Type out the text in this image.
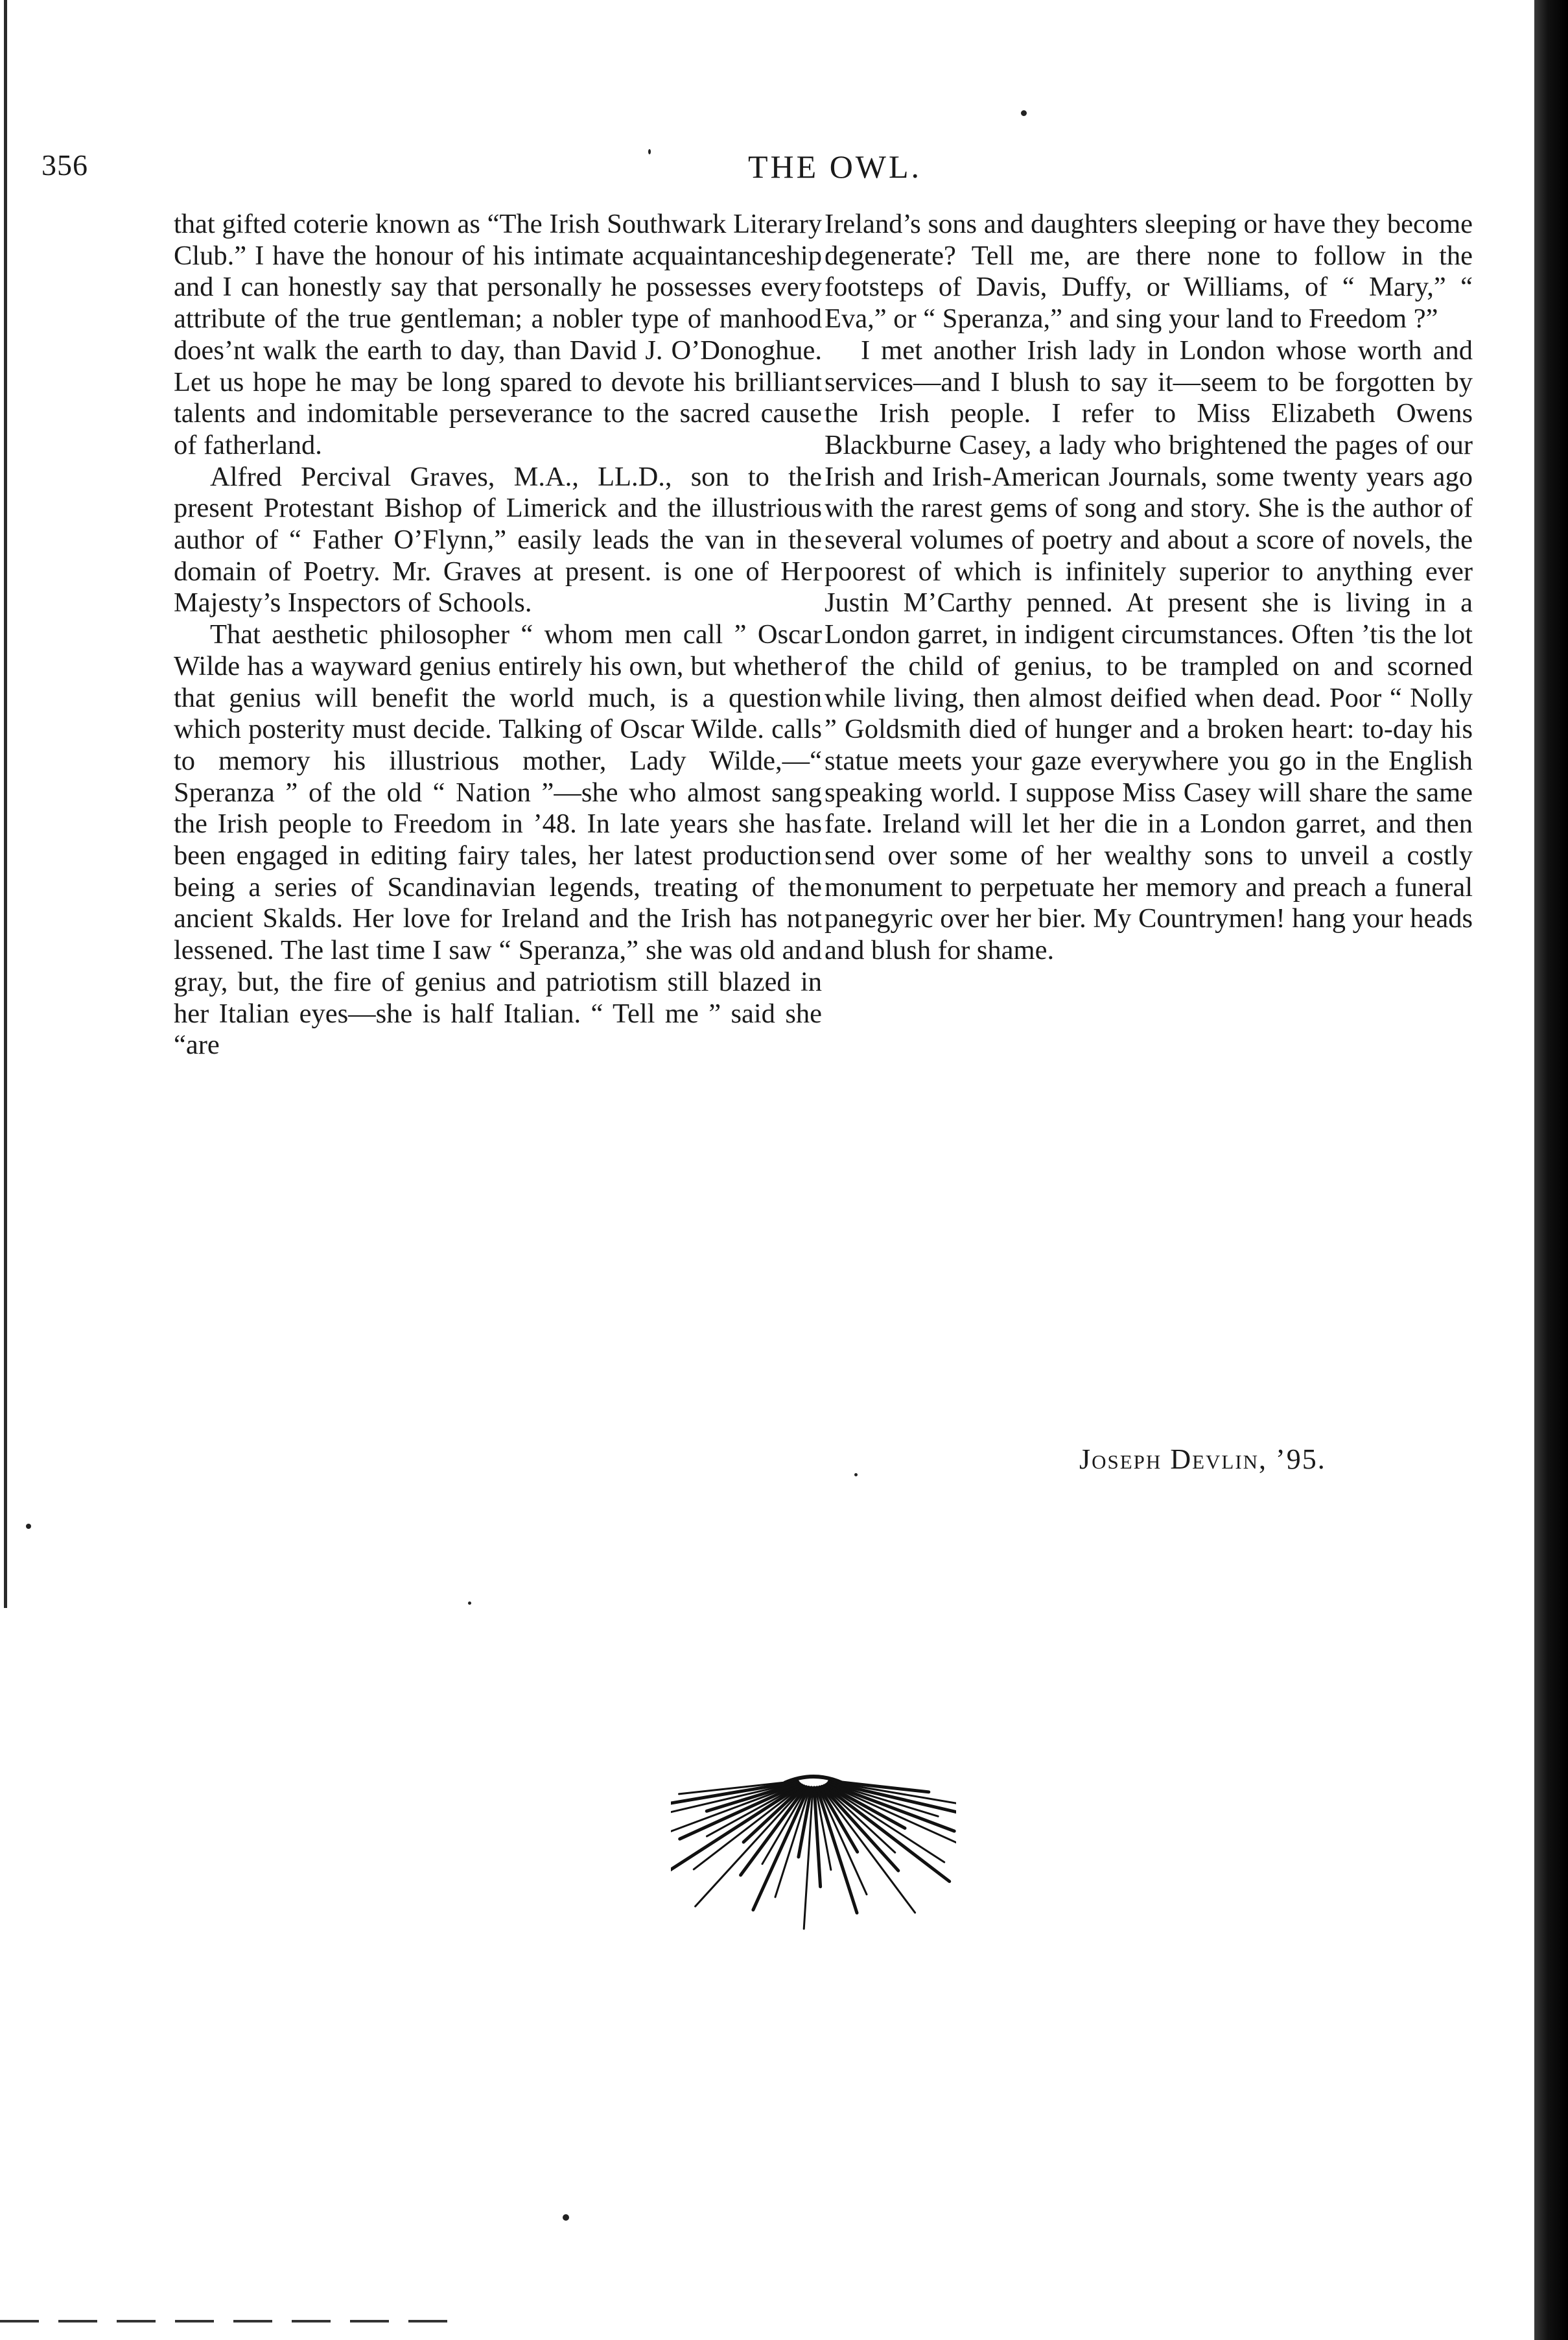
356	THE OWL.

that gifted coterie known as “The Irish Southwark Literary Club.” I have the honour of his intimate acquaintanceship and I can honestly say that personally he possesses every attribute of the true gentleman; a nobler type of manhood does’nt walk the earth to day, than David J. O’Donoghue. Let us hope he may be long spared to devote his brilliant talents and indomitable perseverance to the sacred cause of fatherland.

Alfred Percival Graves, M.A., LL.D., son to the present Protestant Bishop of Limerick and the illustrious author of “ Father O’Flynn,” easily leads the van in the domain of Poetry. Mr. Graves at present. is one of Her Majesty’s Inspectors of Schools.

That aesthetic philosopher “ whom men call ” Oscar Wilde has a wayward genius entirely his own, but whether that genius will benefit the world much, is a question which posterity must decide. Talking of Oscar Wilde. calls to memory his illustrious mother, Lady Wilde,—“ Speranza ” of the old “ Nation ”—she who almost sang the Irish people to Freedom in ’48. In late years she has been engaged in editing fairy tales, her latest production being a series of Scandinavian legends, treating of the ancient Skalds. Her love for Ireland and the Irish has not lessened. The last time I saw “ Speranza,” she was old and gray, but, the fire of genius and patriotism still blazed in her Italian eyes—she is half Italian. “ Tell me ” said she “are

Ireland’s sons and daughters sleeping or have they become degenerate? Tell me, are there none to follow in the footsteps of Davis, Duffy, or Williams, of “ Mary,” “ Eva,” or “ Speranza,” and sing your land to Freedom ?”

I met another Irish lady in London whose worth and services—and I blush to say it—seem to be forgotten by the Irish people. I refer to Miss Elizabeth Owens Blackburne Casey, a lady who brightened the pages of our Irish and Irish-American Journals, some twenty years ago with the rarest gems of song and story. She is the author of several volumes of poetry and about a score of novels, the poorest of which is infinitely superior to anything ever Justin M’Carthy penned. At present she is living in a London garret, in indigent circumstances. Often ’tis the lot of the child of genius, to be trampled on and scorned while living, then almost deified when dead. Poor “ Nolly ” Goldsmith died of hunger and a broken heart: to-day his statue meets your gaze everywhere you go in the English speaking world. I suppose Miss Casey will share the same fate. Ireland will let her die in a London garret, and then send over some of her wealthy sons to unveil a costly monument to perpetuate her memory and preach a funeral panegyric over her bier. My Countrymen! hang your heads and blush for shame.

Joseph Devlin, ’95.
